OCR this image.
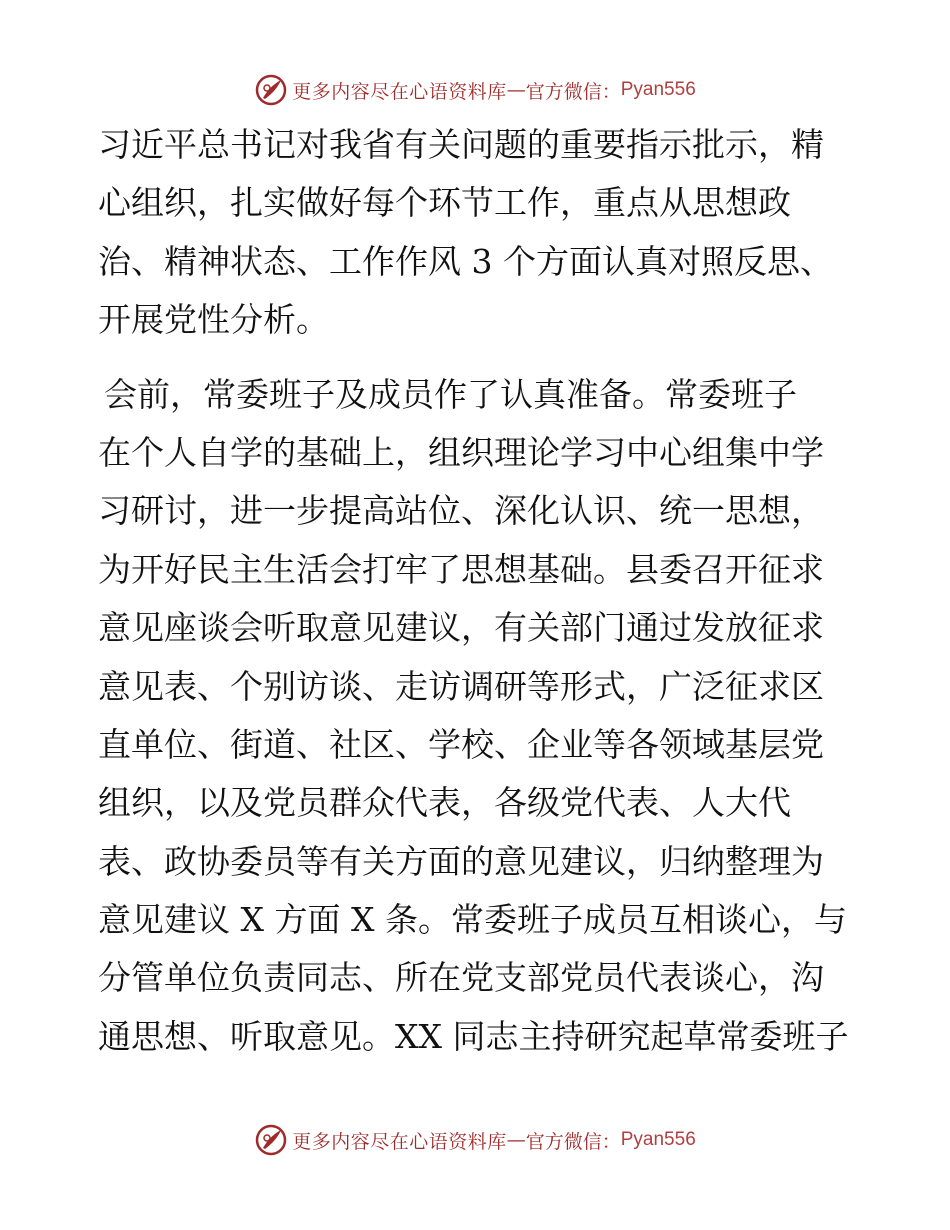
更多内容尽在心语资料库 — 官方微信： Pyan556
习近平总书记对我省有关问题的重要指示批示，精
心组织，扎实做好每个环节工作，重点从思想政
治、精神状态、工作作风 3 个方面认真对照反思、
开展党性分析。
会前，常委班子及成员作了认真准备。常委班子
在个人自学的基础上，组织理论学习中心组集中学
习研讨，进一步提高站位、深化认识、统一思想，
为开好民主生活会打牢了思想基础。县委召开征求
意见座谈会听取意见建议，有关部门通过发放征求
意见表、个别访谈、走访调研等形式，广泛征求区
直单位、街道、社区、学校、企业等各领域基层党
组织，以及党员群众代表，各级党代表、人大代
表、政协委员等有关方面的意见建议，归纳整理为
意见建议 X 方面 X 条。常委班子成员互相谈心，与
分管单位负责同志、所在党支部党员代表谈心，沟
通思想、听取意见。XX 同志主持研究起草常委班子
更多内容尽在心语资料库 — 官方微信： Pyan556
